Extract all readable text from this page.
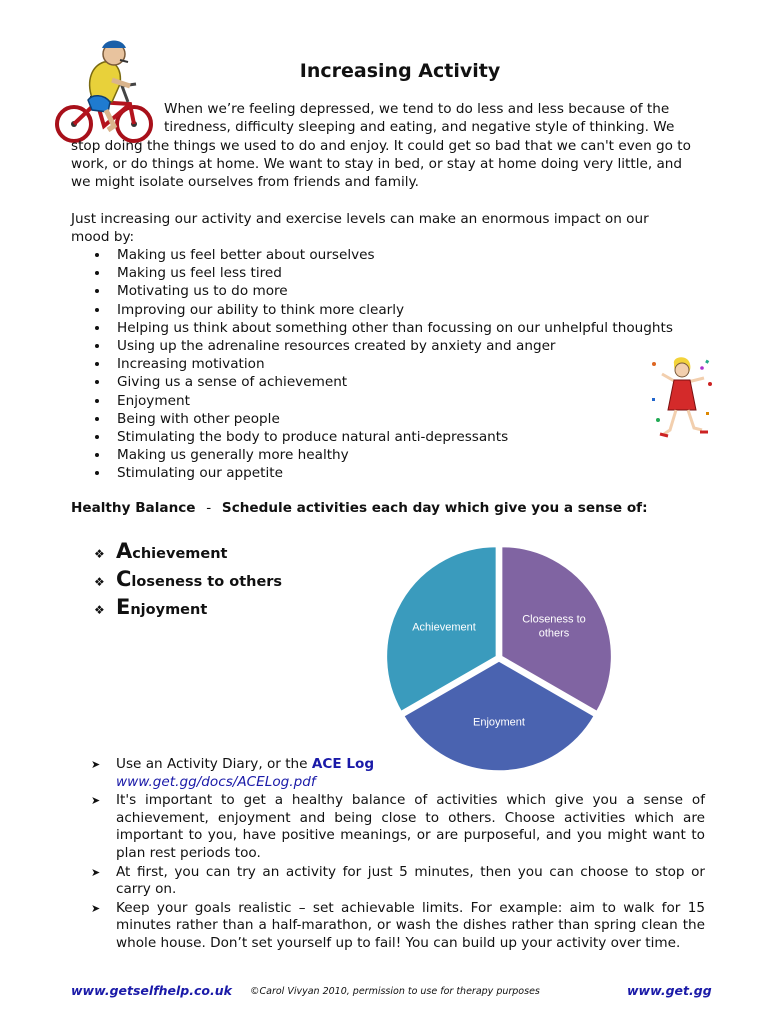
Increasing Activity
When we’re feeling depressed, we tend to do less and less because of the tiredness, difficulty sleeping and eating, and negative style of thinking. We stop doing the things we used to do and enjoy. It could get so bad that we can't even go to work, or do things at home. We want to stay in bed, or stay at home doing very little, and we might isolate ourselves from friends and family.
Just increasing our activity and exercise levels can make an enormous impact on our mood by:
Making us feel better about ourselves
Making us feel less tired
Motivating us to do more
Improving our ability to think more clearly
Helping us think about something other than focussing on our unhelpful thoughts
Using up the adrenaline resources created by anxiety and anger
Increasing motivation
Giving us a sense of achievement
Enjoyment
Being with other people
Stimulating the body to produce natural anti-depressants
Making us generally more healthy
Stimulating our appetite
Healthy Balance - Schedule activities each day which give you a sense of:
❖ A chievement
❖ C loseness to others
❖ E njoyment
Achievement
Closeness to others
Enjoyment
➤ Use an Activity Diary, or the ACE Log
www.get.gg/docs/ACELog.pdf
➤ It's important to get a healthy balance of activities which give you a sense of achievement, enjoyment and being close to others. Choose activities which are important to you, have positive meanings, or are purposeful, and you might want to plan rest periods too.
➤ At first, you can try an activity for just 5 minutes, then you can choose to stop or carry on.
➤ Keep your goals realistic – set achievable limits. For example: aim to walk for 15 minutes rather than a half-marathon, or wash the dishes rather than spring clean the whole house. Don’t set yourself up to fail! You can build up your activity over time.
www.getselfhelp.co.uk ©Carol Vivyan 2010, permission to use for therapy purposes	www.get.gg
